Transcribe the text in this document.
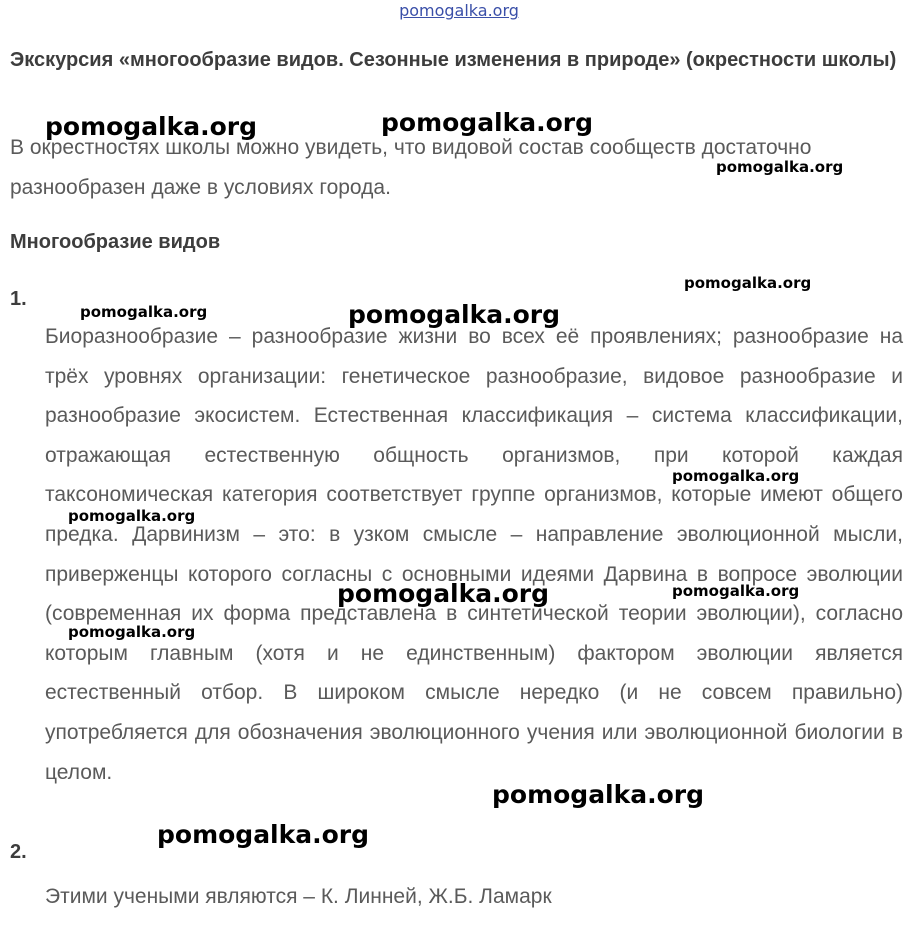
pomogalka.org
Экскурсия «многообразие видов. Сезонные изменения в природе» (окрестности школы)

В окрестностях школы можно увидеть, что видовой состав сообществ достаточно разнообразен даже в условиях города.

Многообразие видов
1.

Биоразнообразие – разнообразие жизни во всех её проявлениях; разнообразие на трёх уровнях организации: генетическое разнообразие, видовое разнообразие и разнообразие экосистем. Естественная классификация – система классификации, отражающая естественную общность организмов, при которой каждая таксономическая категория соответствует группе организмов, которые имеют общего предка. Дарвинизм – это: в узком смысле – направление эволюционной мысли, приверженцы которого согласны с основными идеями Дарвина в вопросе эволюции (современная их форма представлена в синтетической теории эволюции), согласно которым главным (хотя и не единственным) фактором эволюции является естественный отбор. В широком смысле нередко (и не совсем правильно) употребляется для обозначения эволюционного учения или эволюционной биологии в целом.

2.

Этими учеными являются – К. Линней, Ж.Б. Ламарк

pomogalka.org	pomogalka.org
pomogalka.org
pomogalka.org
pomogalka.org	pomogalka.org
pomogalka.org
pomogalka.org
pomogalka.org	pomogalka.org
pomogalka.org
pomogalka.org
pomogalka.org
